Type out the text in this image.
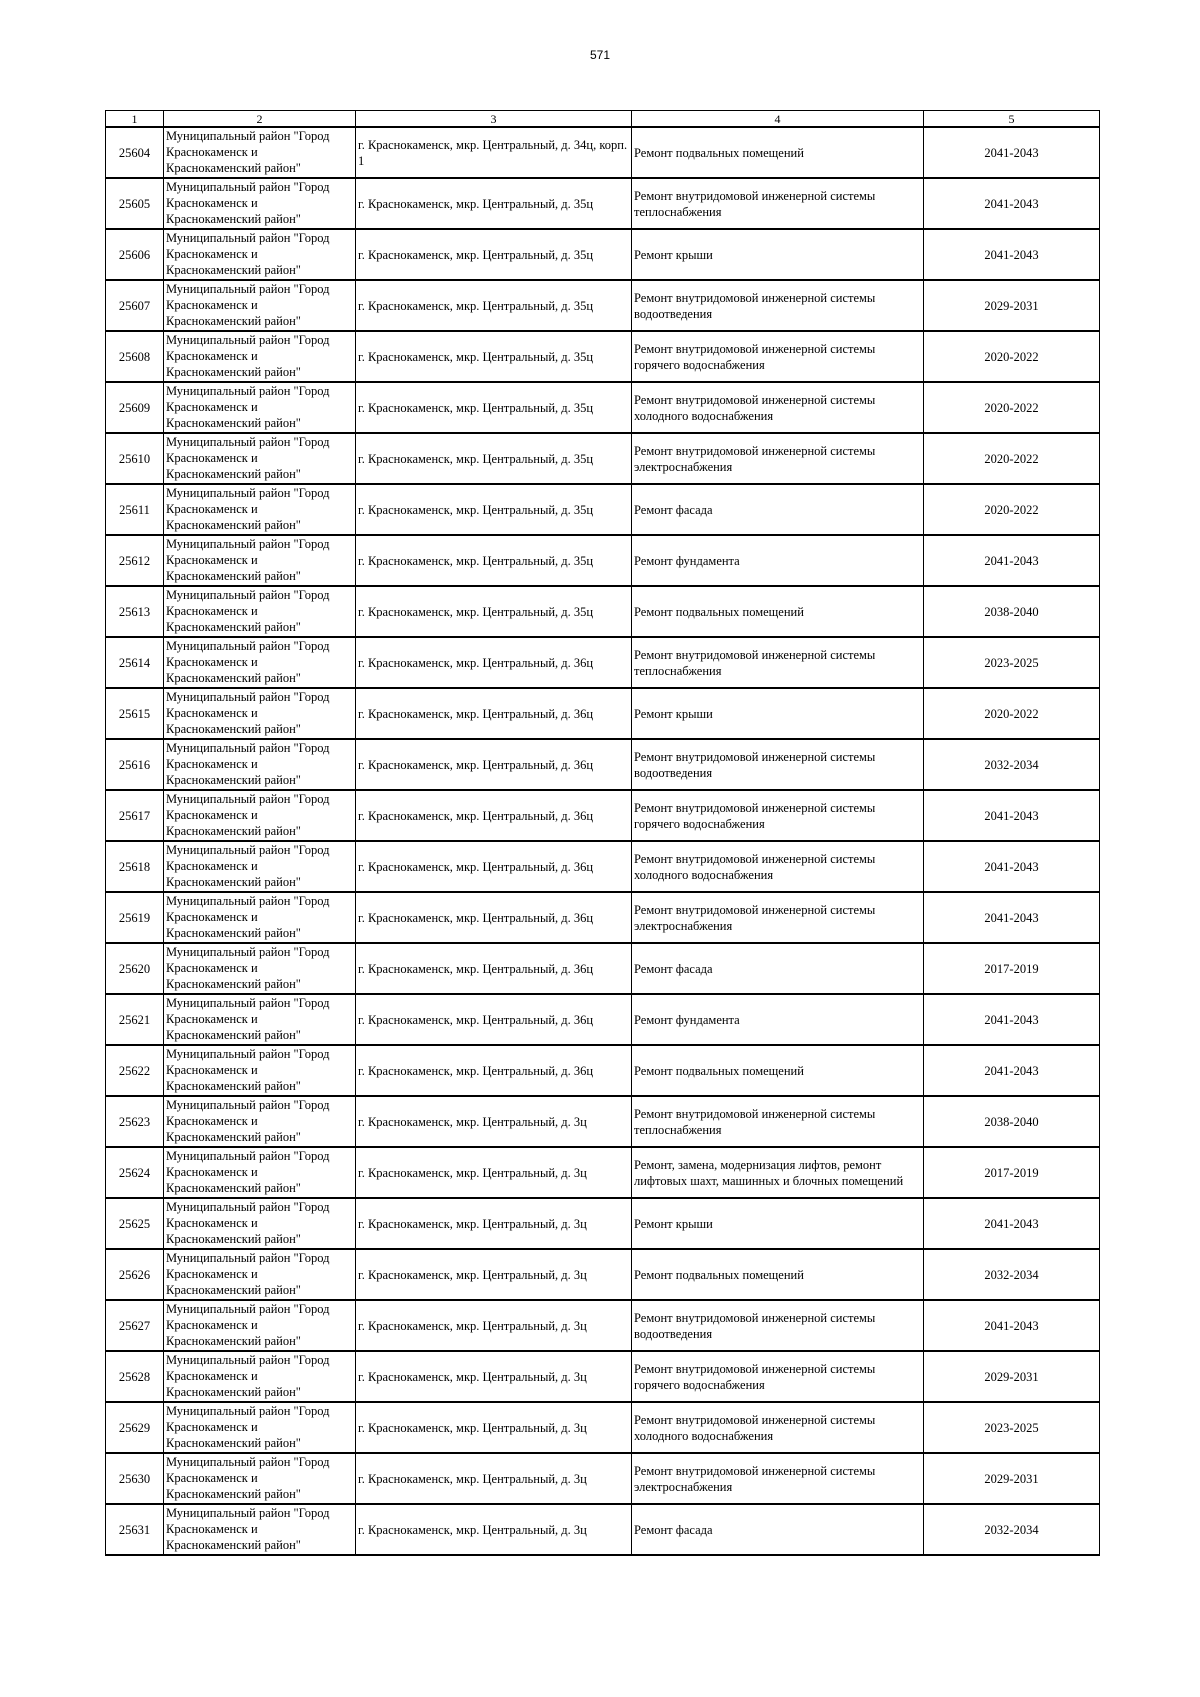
571
1	2	3	4	5
25604	Муниципальный район "Город Краснокаменск и Краснокаменский район"	г. Краснокаменск, мкр. Центральный, д. 34ц, корп. 1	Ремонт подвальных помещений	2041-2043
25605	Муниципальный район "Город Краснокаменск и Краснокаменский район"	г. Краснокаменск, мкр. Центральный, д. 35ц	Ремонт внутридомовой инженерной системы теплоснабжения	2041-2043
25606	Муниципальный район "Город Краснокаменск и Краснокаменский район"	г. Краснокаменск, мкр. Центральный, д. 35ц	Ремонт крыши	2041-2043
25607	Муниципальный район "Город Краснокаменск и Краснокаменский район"	г. Краснокаменск, мкр. Центральный, д. 35ц	Ремонт внутридомовой инженерной системы водоотведения	2029-2031
25608	Муниципальный район "Город Краснокаменск и Краснокаменский район"	г. Краснокаменск, мкр. Центральный, д. 35ц	Ремонт внутридомовой инженерной системы горячего водоснабжения	2020-2022
25609	Муниципальный район "Город Краснокаменск и Краснокаменский район"	г. Краснокаменск, мкр. Центральный, д. 35ц	Ремонт внутридомовой инженерной системы холодного водоснабжения	2020-2022
25610	Муниципальный район "Город Краснокаменск и Краснокаменский район"	г. Краснокаменск, мкр. Центральный, д. 35ц	Ремонт внутридомовой инженерной системы электроснабжения	2020-2022
25611	Муниципальный район "Город Краснокаменск и Краснокаменский район"	г. Краснокаменск, мкр. Центральный, д. 35ц	Ремонт фасада	2020-2022
25612	Муниципальный район "Город Краснокаменск и Краснокаменский район"	г. Краснокаменск, мкр. Центральный, д. 35ц	Ремонт фундамента	2041-2043
25613	Муниципальный район "Город Краснокаменск и Краснокаменский район"	г. Краснокаменск, мкр. Центральный, д. 35ц	Ремонт подвальных помещений	2038-2040
25614	Муниципальный район "Город Краснокаменск и Краснокаменский район"	г. Краснокаменск, мкр. Центральный, д. 36ц	Ремонт внутридомовой инженерной системы теплоснабжения	2023-2025
25615	Муниципальный район "Город Краснокаменск и Краснокаменский район"	г. Краснокаменск, мкр. Центральный, д. 36ц	Ремонт крыши	2020-2022
25616	Муниципальный район "Город Краснокаменск и Краснокаменский район"	г. Краснокаменск, мкр. Центральный, д. 36ц	Ремонт внутридомовой инженерной системы водоотведения	2032-2034
25617	Муниципальный район "Город Краснокаменск и Краснокаменский район"	г. Краснокаменск, мкр. Центральный, д. 36ц	Ремонт внутридомовой инженерной системы горячего водоснабжения	2041-2043
25618	Муниципальный район "Город Краснокаменск и Краснокаменский район"	г. Краснокаменск, мкр. Центральный, д. 36ц	Ремонт внутридомовой инженерной системы холодного водоснабжения	2041-2043
25619	Муниципальный район "Город Краснокаменск и Краснокаменский район"	г. Краснокаменск, мкр. Центральный, д. 36ц	Ремонт внутридомовой инженерной системы электроснабжения	2041-2043
25620	Муниципальный район "Город Краснокаменск и Краснокаменский район"	г. Краснокаменск, мкр. Центральный, д. 36ц	Ремонт фасада	2017-2019
25621	Муниципальный район "Город Краснокаменск и Краснокаменский район"	г. Краснокаменск, мкр. Центральный, д. 36ц	Ремонт фундамента	2041-2043
25622	Муниципальный район "Город Краснокаменск и Краснокаменский район"	г. Краснокаменск, мкр. Центральный, д. 36ц	Ремонт подвальных помещений	2041-2043
25623	Муниципальный район "Город Краснокаменск и Краснокаменский район"	г. Краснокаменск, мкр. Центральный, д. 3ц	Ремонт внутридомовой инженерной системы теплоснабжения	2038-2040
25624	Муниципальный район "Город Краснокаменск и Краснокаменский район"	г. Краснокаменск, мкр. Центральный, д. 3ц	Ремонт, замена, модернизация лифтов, ремонт лифтовых шахт, машинных и блочных помещений	2017-2019
25625	Муниципальный район "Город Краснокаменск и Краснокаменский район"	г. Краснокаменск, мкр. Центральный, д. 3ц	Ремонт крыши	2041-2043
25626	Муниципальный район "Город Краснокаменск и Краснокаменский район"	г. Краснокаменск, мкр. Центральный, д. 3ц	Ремонт подвальных помещений	2032-2034
25627	Муниципальный район "Город Краснокаменск и Краснокаменский район"	г. Краснокаменск, мкр. Центральный, д. 3ц	Ремонт внутридомовой инженерной системы водоотведения	2041-2043
25628	Муниципальный район "Город Краснокаменск и Краснокаменский район"	г. Краснокаменск, мкр. Центральный, д. 3ц	Ремонт внутридомовой инженерной системы горячего водоснабжения	2029-2031
25629	Муниципальный район "Город Краснокаменск и Краснокаменский район"	г. Краснокаменск, мкр. Центральный, д. 3ц	Ремонт внутридомовой инженерной системы холодного водоснабжения	2023-2025
25630	Муниципальный район "Город Краснокаменск и Краснокаменский район"	г. Краснокаменск, мкр. Центральный, д. 3ц	Ремонт внутридомовой инженерной системы электроснабжения	2029-2031
25631	Муниципальный район "Город Краснокаменск и Краснокаменский район"	г. Краснокаменск, мкр. Центральный, д. 3ц	Ремонт фасада	2032-2034
